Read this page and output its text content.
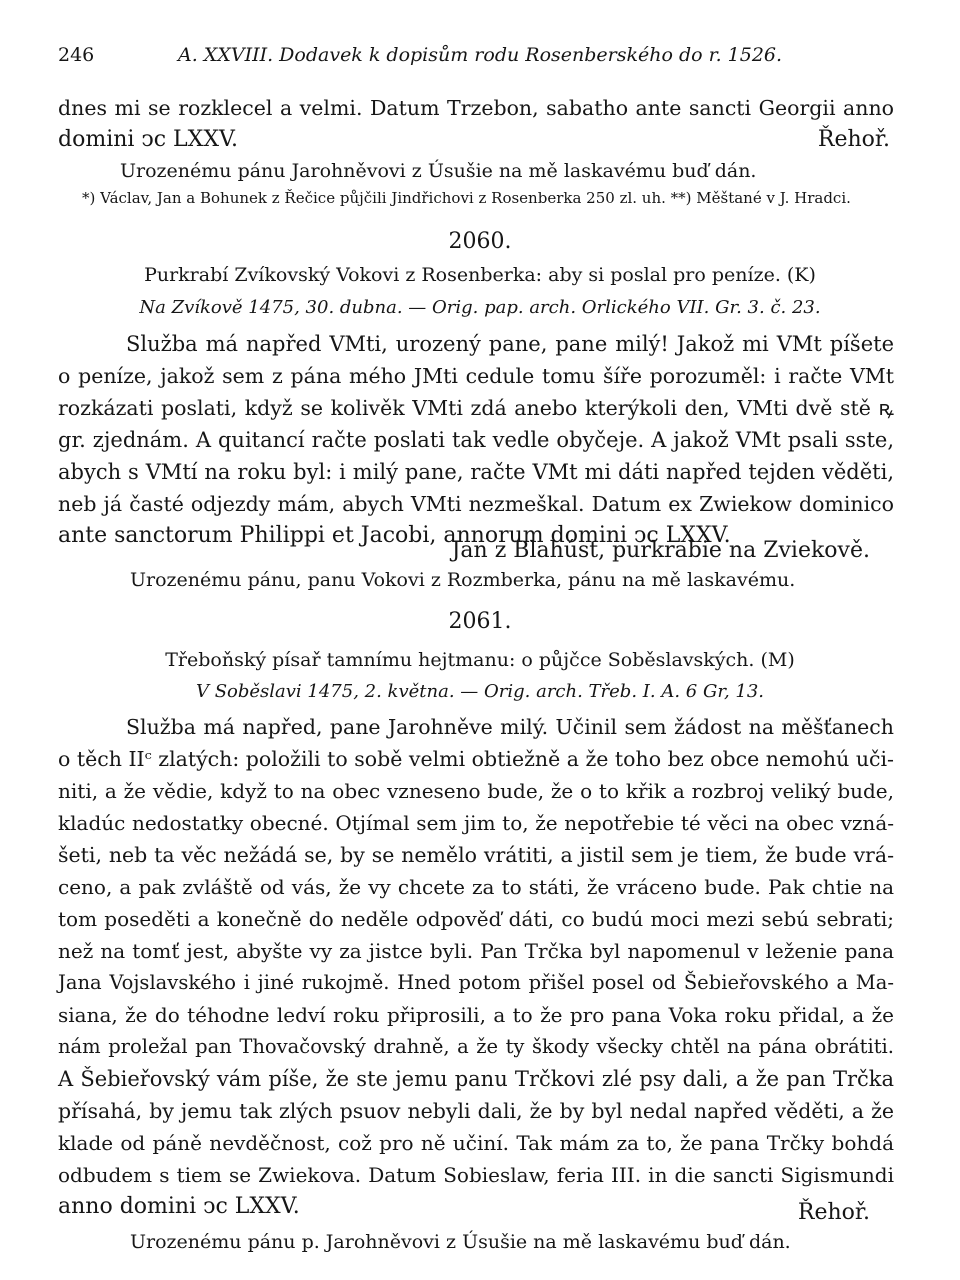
246	A. XXVIII. Dodavek k dopisům rodu Rosenberského do r. 1526.
dnes mi se rozklecel a velmi. Datum Trzebon, sabatho ante sancti Georgii anno
domini ↄc LXXV.	Řehoř.
Urozenému pánu Jarohněvovi z Úsušie na mě laskavému buď dán.
*) Václav, Jan a Bohunek z Řečice půjčili Jindřichovi z Rosenberka 250 zl. uh. **) Měštané v J. Hradci.
2060.
Purkrabí Zvíkovský Vokovi z Rosenberka: aby si poslal pro peníze. (K)
Na Zvíkově 1475, 30. dubna. — Orig. pap. arch. Orlického VII. Gr. 3. č. 23.
Služba má napřed VMti, urozený pane, pane milý! Jakož mi VMt píšete
o peníze, jakož sem z pána mého JMti cedule tomu šíře porozuměl: i račte VMt
rozkázati poslati, když se kolivěk VMti zdá anebo kterýkoli den, VMti dvě stě ꝶ
gr. zjednám. A quitancí račte poslati tak vedle obyčeje. A jakož VMt psali sste,
abych s VMtí na roku byl: i milý pane, račte VMt mi dáti napřed tejden věděti,
neb já časté odjezdy mám, abych VMti nezmeškal. Datum ex Zwiekow dominico
ante sanctorum Philippi et Jacobi, annorum domini ↄc LXXV.
Jan z Blahúst, purkrabie na Zviekově.
Urozenému pánu, panu Vokovi z Rozmberka, pánu na mě laskavému.
2061.
Třeboňský písař tamnímu hejtmanu: o půjčce Soběslavských. (M)
V Soběslavi 1475, 2. května. — Orig. arch. Třeb. I. A. 6 Gr, 13.
Služba má napřed, pane Jarohněve milý. Učinil sem žádost na měšťanech
o těch IIᶜ zlatých: položili to sobě velmi obtiežně a že toho bez obce nemohú uči-
niti, a že vědie, když to na obec vzneseno bude, že o to křik a rozbroj veliký bude,
kladúc nedostatky obecné. Otjímal sem jim to, že nepotřebie té věci na obec vzná-
šeti, neb ta věc nežádá se, by se nemělo vrátiti, a jistil sem je tiem, že bude vrá-
ceno, a pak zvláště od vás, že vy chcete za to státi, že vráceno bude. Pak chtie na
tom poseděti a konečně do neděle odpověď dáti, co budú moci mezi sebú sebrati;
než na tomť jest, abyšte vy za jistce byli. Pan Trčka byl napomenul v leženie pana
Jana Vojslavského i jiné rukojmě. Hned potom přišel posel od Šebieřovského a Ma-
siana, že do téhodne ledví roku připrosili, a to že pro pana Voka roku přidal, a že
nám proležal pan Thovačovský drahně, a že ty škody všecky chtěl na pána obrátiti.
A Šebieřovský vám píše, že ste jemu panu Trčkovi zlé psy dali, a že pan Trčka
přísahá, by jemu tak zlých psuov nebyli dali, že by byl nedal napřed věděti, a že
klade od páně nevděčnost, což pro ně učiní. Tak mám za to, že pana Trčky bohdá
odbudem s tiem se Zwiekova. Datum Sobieslaw, feria III. in die sancti Sigismundi
anno domini ↄc LXXV.	Řehoř.
Urozenému pánu p. Jarohněvovi z Úsušie na mě laskavému buď dán.
